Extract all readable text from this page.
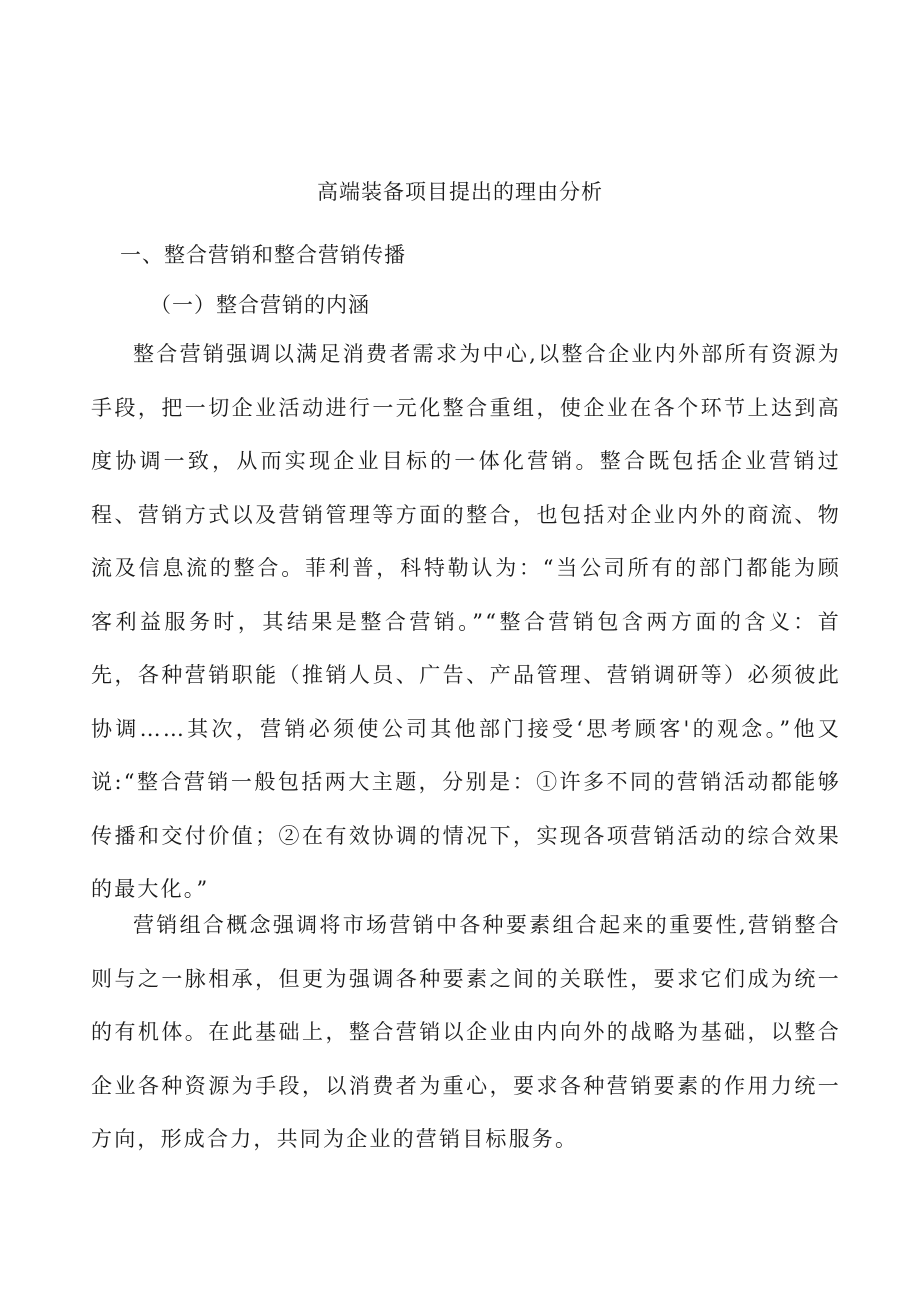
高端装备项目提出的理由分析
一、整合营销和整合营销传播
（一）整合营销的内涵

整合营销强调以满足消费者需求为中心,以整合企业内外部所有资源为手段，把一切企业活动进行一元化整合重组，使企业在各个环节上达到高度协调一致，从而实现企业目标的一体化营销。整合既包括企业营销过程、营销方式以及营销管理等方面的整合，也包括对企业内外的商流、物流及信息流的整合。菲利普，科特勒认为：“当公司所有的部门都能为顾客利益服务时，其结果是整合营销。”“整合营销包含两方面的含义：首先，各种营销职能（推销人员、广告、产品管理、营销调研等）必须彼此协调……其次，营销必须使公司其他部门接受‘思考顾客'的观念。”他又说:“整合营销一般包括两大主题，分别是：①许多不同的营销活动都能够传播和交付价值；②在有效协调的情况下，实现各项营销活动的综合效果的最大化。”

营销组合概念强调将市场营销中各种要素组合起来的重要性,营销整合则与之一脉相承，但更为强调各种要素之间的关联性，要求它们成为统一的有机体。在此基础上，整合营销以企业由内向外的战略为基础，以整合企业各种资源为手段，以消费者为重心，要求各种营销要素的作用力统一方向，形成合力，共同为企业的营销目标服务。
